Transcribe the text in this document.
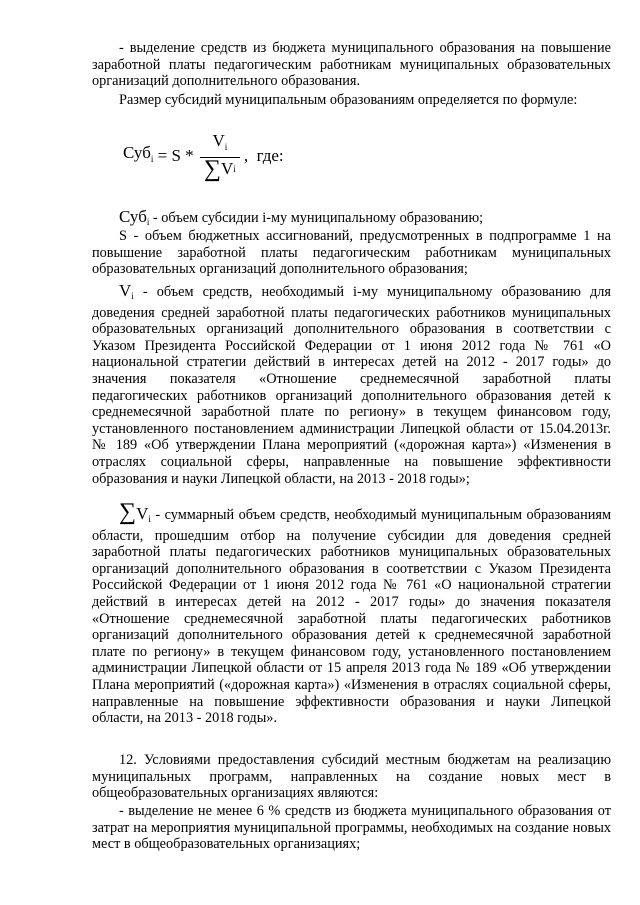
- выделение средств из бюджета муниципального образования на повышение заработной платы педагогическим работникам муниципальных образовательных организаций дополнительного образования.

Размер субсидий муниципальным образованиям определяется по формуле:

$Суб_i = S * \frac{V_i}{\text{∑ V i}}$ ,  где:

Субi - объем субсидии i-му муниципальному образованию;

S - объем бюджетных ассигнований, предусмотренных в подпрограмме 1 на повышение заработной платы педагогическим работникам муниципальных образовательных организаций дополнительного образования;

Vi - объем средств, необходимый i-му муниципальному образованию для доведения средней заработной платы педагогических работников муниципальных образовательных организаций дополнительного образования в соответствии с Указом Президента Российской Федерации от 1 июня 2012 года № 761 «О национальной стратегии действий в интересах детей на 2012 - 2017 годы» до значения показателя «Отношение среднемесячной заработной платы педагогических работников организаций дополнительного образования детей к среднемесячной заработной плате по региону» в текущем финансовом году, установленного постановлением администрации Липецкой области от 15.04.2013г. № 189 «Об утверждении Плана мероприятий («дорожная карта») «Изменения в отраслях социальной сферы, направленные на повышение эффективности образования и науки Липецкой области, на 2013 - 2018 годы»;

∑Vi - суммарный объем средств, необходимый муниципальным образованиям области, прошедшим отбор на получение субсидии для доведения средней заработной платы педагогических работников муниципальных образовательных организаций дополнительного образования в соответствии с Указом Президента Российской Федерации от 1 июня 2012 года № 761 «О национальной стратегии действий в интересах детей на 2012 - 2017 годы» до значения показателя «Отношение среднемесячной заработной платы педагогических работников организаций дополнительного образования детей к среднемесячной заработной плате по региону» в текущем финансовом году, установленного постановлением администрации Липецкой области от 15 апреля 2013 года № 189 «Об утверждении Плана мероприятий («дорожная карта») «Изменения в отраслях социальной сферы, направленные на повышение эффективности образования и науки Липецкой области, на 2013 - 2018 годы».

12. Условиями предоставления субсидий местным бюджетам на реализацию муниципальных программ, направленных на создание новых мест в общеобразовательных организациях являются:

- выделение не менее 6 % средств из бюджета муниципального образования от затрат на мероприятия муниципальной программы, необходимых на создание новых мест в общеобразовательных организациях;
